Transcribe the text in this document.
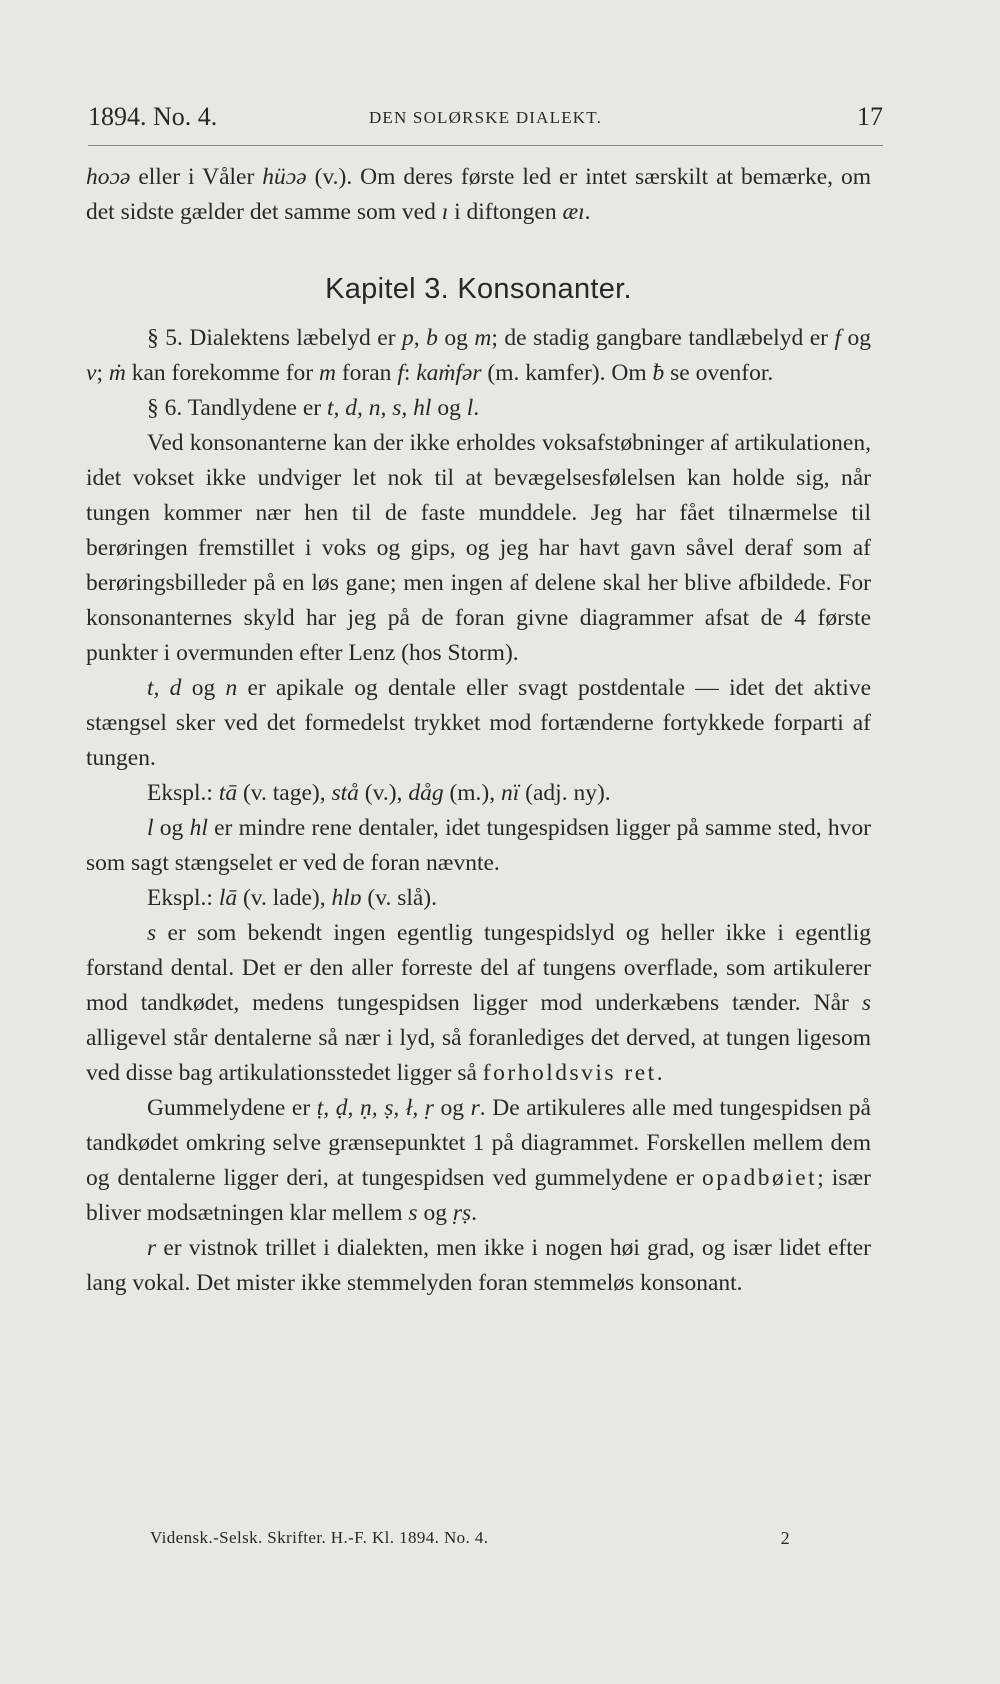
1894. No. 4.	DEN SOLØRSKE DIALEKT.	17

hoɔə eller i Våler hüɔə (v.). Om deres første led er intet særskilt at bemærke, om det sidste gælder det samme som ved ı i diftongen æı.

Kapitel 3. Konsonanter.

§ 5. Dialektens læbelyd er p, b og m; de stadig gangbare tandlæbelyd er f og v; ṁ kan forekomme for m foran f: kaṁfər (m. kamfer). Om ƀ se ovenfor.

§ 6. Tandlydene er t, d, n, s, hl og l.

Ved konsonanterne kan der ikke erholdes voksafstøbninger af artikulationen, idet vokset ikke undviger let nok til at bevægelsesfølelsen kan holde sig, når tungen kommer nær hen til de faste munddele. Jeg har fået tilnærmelse til berøringen fremstillet i voks og gips, og jeg har havt gavn såvel deraf som af berøringsbilleder på en løs gane; men ingen af delene skal her blive afbildede. For konsonanternes skyld har jeg på de foran givne diagrammer afsat de 4 første punkter i overmunden efter Lenz (hos Storm).

t, d og n er apikale og dentale eller svagt postdentale — idet det aktive stængsel sker ved det formedelst trykket mod fortænderne fortykkede forparti af tungen.

Ekspl.: tā (v. tage), stå (v.), dåg (m.), nï (adj. ny).

l og hl er mindre rene dentaler, idet tungespidsen ligger på samme sted, hvor som sagt stængselet er ved de foran nævnte.

Ekspl.: lā (v. lade), hlɒ (v. slå).

s er som bekendt ingen egentlig tungespidslyd og heller ikke i egentlig forstand dental. Det er den aller forreste del af tungens overflade, som artikulerer mod tandkødet, medens tungespidsen ligger mod underkæbens tænder. Når s alligevel står dentalerne så nær i lyd, så foranlediges det derved, at tungen ligesom ved disse bag artikulationsstedet ligger så forholdsvis ret.

Gummelydene er ṭ, ḍ, ṇ, ṣ, ł, ṛ og r. De artikuleres alle med tungespidsen på tandkødet omkring selve grænsepunktet 1 på diagrammet. Forskellen mellem dem og dentalerne ligger deri, at tungespidsen ved gummelydene er opadbøiet; især bliver modsætningen klar mellem s og ṛṣ.

r er vistnok trillet i dialekten, men ikke i nogen høi grad, og især lidet efter lang vokal. Det mister ikke stemmelyden foran stemmeløs konsonant.

Vidensk.-Selsk. Skrifter. H.-F. Kl. 1894. No. 4.	2
